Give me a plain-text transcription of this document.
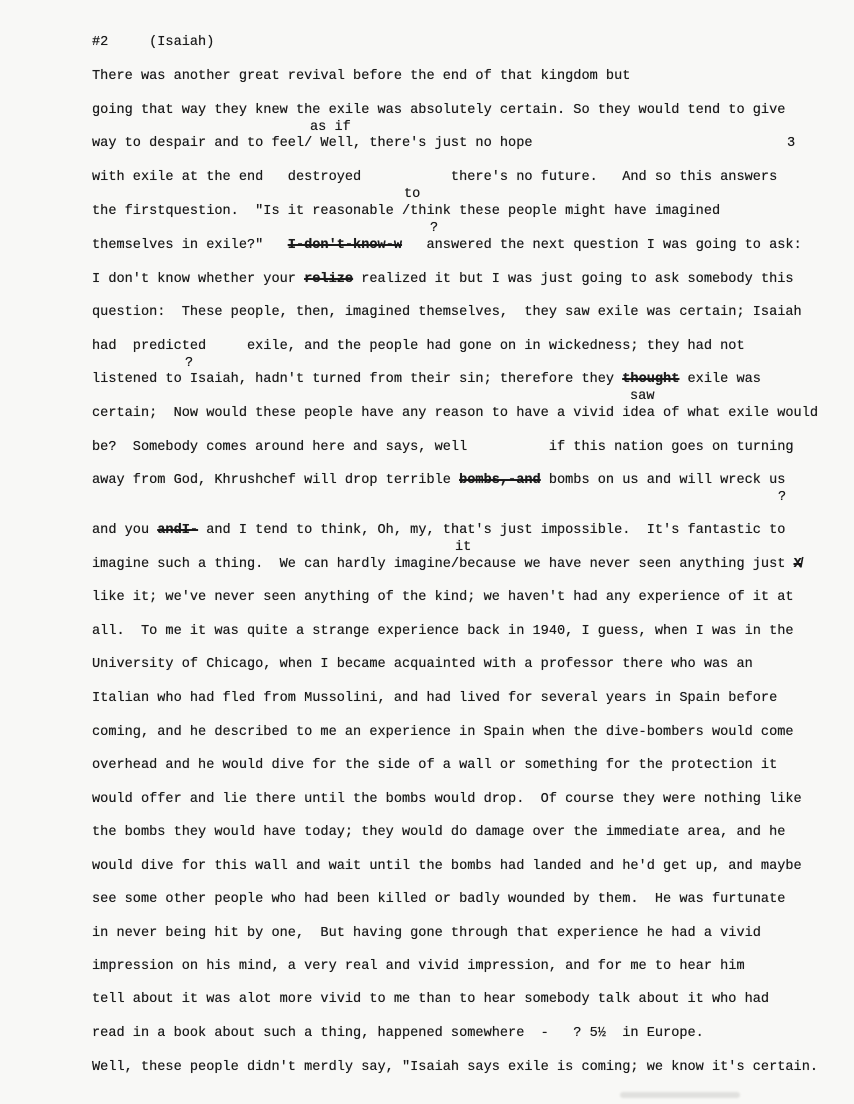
#2     (Isaiah)
There was another great revival before the end of that kingdom but
going that way they knew the exile was absolutely certain. So they would tend to give
way to despair and to feel/ Well, there's just no hope
with exile at the end   destroyed           there's no future.   And so this answers
the firstquestion.  "Is it reasonable /think these people might have imagined
themselves in exile?"   I-don't-know-w   answered the next question I was going to ask:
I don't know whether your relize realized it but I was just going to ask somebody this
question:  These people, then, imagined themselves,  they saw exile was certain; Isaiah
had  predicted     exile, and the people had gone on in wickedness; they had not
listened to Isaiah, hadn't turned from their sin; therefore they thought exile was
certain;  Now would these people have any reason to have a vivid idea of what exile would
be?  Somebody comes around here and says, well          if this nation goes on turning
away from God, Khrushchef will drop terrible bombs,-and bombs on us and will wreck us
and you andI- and I tend to think, Oh, my, that's just impossible.  It's fantastic to
imagine such a thing.  We can hardly imagine/because we have never seen anything just X̸
like it; we've never seen anything of the kind; we haven't had any experience of it at
all.  To me it was quite a strange experience back in 1940, I guess, when I was in the
University of Chicago, when I became acquainted with a professor there who was an
Italian who had fled from Mussolini, and had lived for several years in Spain before
coming, and he described to me an experience in Spain when the dive-bombers would come
overhead and he would dive for the side of a wall or something for the protection it
would offer and lie there until the bombs would drop.  Of course they were nothing like
the bombs they would have today; they would do damage over the immediate area, and he
would dive for this wall and wait until the bombs had landed and he'd get up, and maybe
see some other people who had been killed or badly wounded by them.  He was furtunate
in never being hit by one,  But having gone through that experience he had a vivid
impression on his mind, a very real and vivid impression, and for me to hear him
tell about it was alot more vivid to me than to hear somebody talk about it who had
read in a book about such a thing, happened somewhere  -   ? 5½  in Europe.
Well, these people didn't merdly say, "Isaiah says exile is coming; we know it's certain.
as if
3
to
?
?
saw
?
it
